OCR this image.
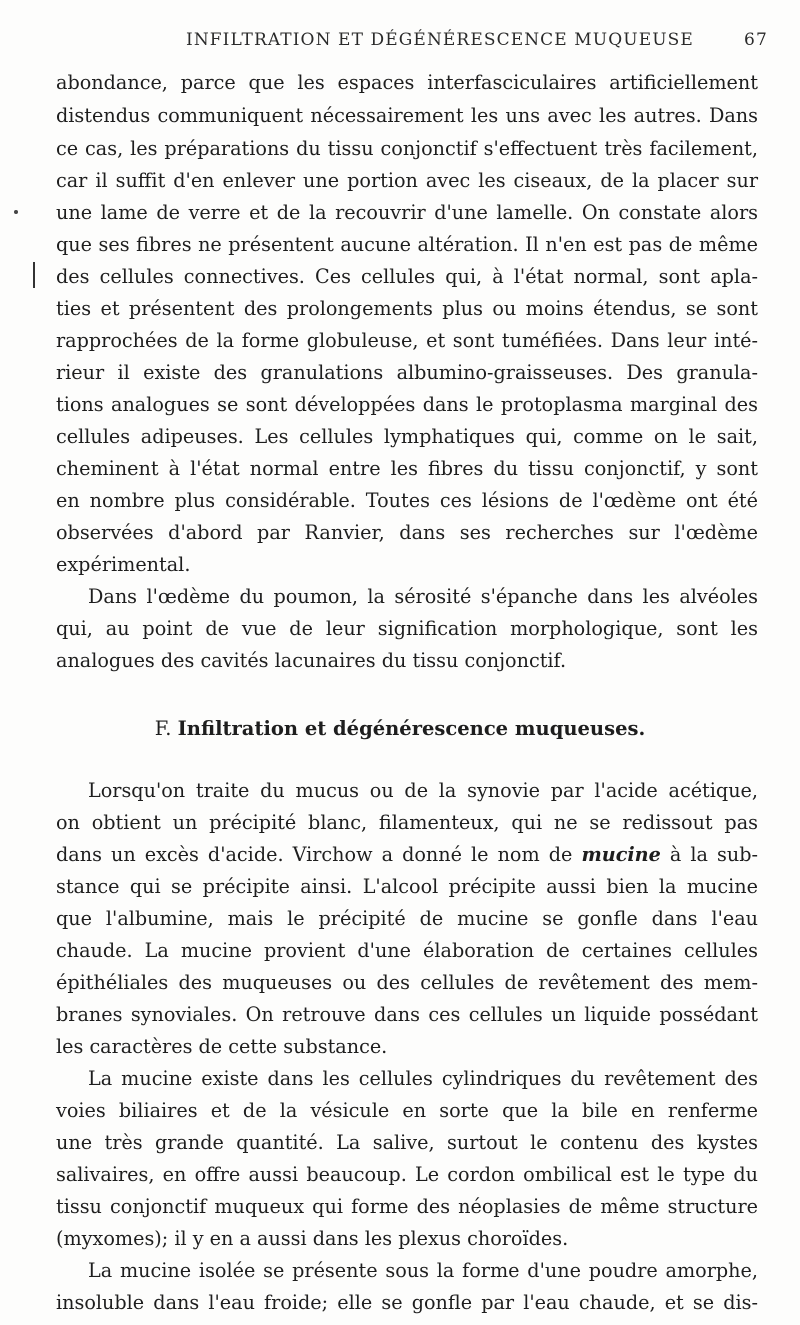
INFILTRATION ET DÉGÉNÉRESCENCE MUQUEUSE	67
abondance, parce que les espaces interfasciculaires artificiellement
distendus communiquent nécessairement les uns avec les autres. Dans
ce cas, les préparations du tissu conjonctif s'effectuent très facilement,
car il suffit d'en enlever une portion avec les ciseaux, de la placer sur
une lame de verre et de la recouvrir d'une lamelle. On constate alors
que ses fibres ne présentent aucune altération. Il n'en est pas de même
des cellules connectives. Ces cellules qui, à l'état normal, sont apla-
ties et présentent des prolongements plus ou moins étendus, se sont
rapprochées de la forme globuleuse, et sont tuméfiées. Dans leur inté-
rieur il existe des granulations albumino-graisseuses. Des granula-
tions analogues se sont développées dans le protoplasma marginal des
cellules adipeuses. Les cellules lymphatiques qui, comme on le sait,
cheminent à l'état normal entre les fibres du tissu conjonctif, y sont
en nombre plus considérable. Toutes ces lésions de l'œdème ont été
observées d'abord par Ranvier, dans ses recherches sur l'œdème
expérimental.
Dans l'œdème du poumon, la sérosité s'épanche dans les alvéoles
qui, au point de vue de leur signification morphologique, sont les
analogues des cavités lacunaires du tissu conjonctif.
F. Infiltration et dégénérescence muqueuses.
Lorsqu'on traite du mucus ou de la synovie par l'acide acétique,
on obtient un précipité blanc, filamenteux, qui ne se redissout pas
dans un excès d'acide. Virchow a donné le nom de mucine à la sub-
stance qui se précipite ainsi. L'alcool précipite aussi bien la mucine
que l'albumine, mais le précipité de mucine se gonfle dans l'eau
chaude. La mucine provient d'une élaboration de certaines cellules
épithéliales des muqueuses ou des cellules de revêtement des mem-
branes synoviales. On retrouve dans ces cellules un liquide possédant
les caractères de cette substance.
La mucine existe dans les cellules cylindriques du revêtement des
voies biliaires et de la vésicule en sorte que la bile en renferme
une très grande quantité. La salive, surtout le contenu des kystes
salivaires, en offre aussi beaucoup. Le cordon ombilical est le type du
tissu conjonctif muqueux qui forme des néoplasies de même structure
(myxomes); il y en a aussi dans les plexus choroïdes.
La mucine isolée se présente sous la forme d'une poudre amorphe,
insoluble dans l'eau froide; elle se gonfle par l'eau chaude, et se dis-
